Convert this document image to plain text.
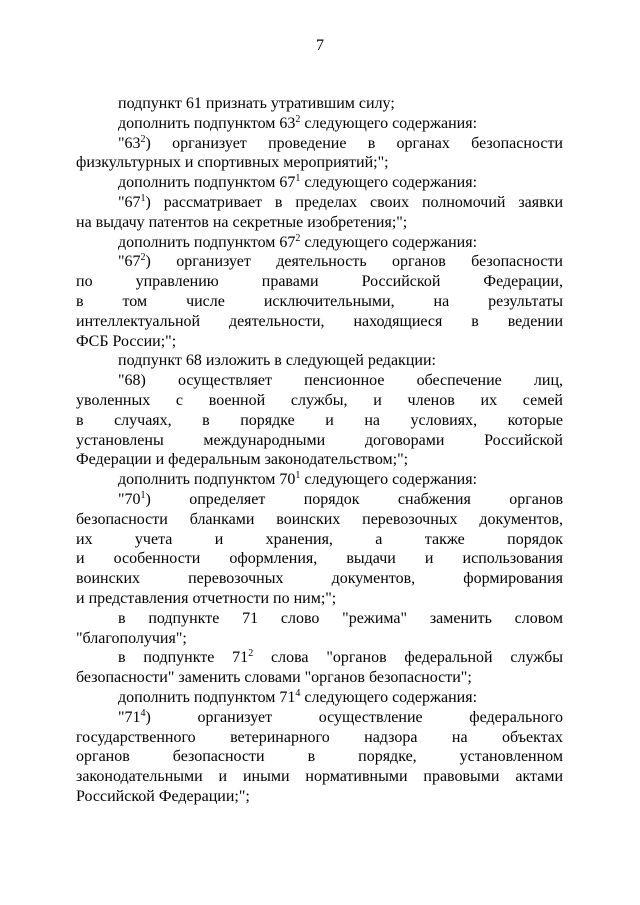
7
подпункт 61 признать утратившим силу;
дополнить подпунктом $63^2$ следующего содержания:
"$63^2$) организует проведение в органах безопасности
физкультурных и спортивных мероприятий;";
дополнить подпунктом $67^1$ следующего содержания:
"$67^1$) рассматривает в пределах своих полномочий заявки
на выдачу патентов на секретные изобретения;";
дополнить подпунктом $67^2$ следующего содержания:
"$67^2$) организует деятельность органов безопасности
по управлению правами Российской Федерации,
в том числе исключительными, на результаты
интеллектуальной деятельности, находящиеся в ведении
ФСБ России;";
подпункт 68 изложить в следующей редакции:
"68) осуществляет пенсионное обеспечение лиц,
уволенных с военной службы, и членов их семей
в случаях, в порядке и на условиях, которые
установлены международными договорами Российской
Федерации и федеральным законодательством;";
дополнить подпунктом $70^1$ следующего содержания:
"$70^1$) определяет порядок снабжения органов
безопасности бланками воинских перевозочных документов,
их учета и хранения, а также порядок
и особенности оформления, выдачи и использования
воинских перевозочных документов, формирования
и представления отчетности по ним;";
в подпункте 71 слово "режима" заменить словом
"благополучия";
в подпункте $71^2$ слова "органов федеральной службы
безопасности" заменить словами "органов безопасности";
дополнить подпунктом $71^4$ следующего содержания:
"$71^4$) организует осуществление федерального
государственного ветеринарного надзора на объектах
органов безопасности в порядке, установленном
законодательными и иными нормативными правовыми актами
Российской Федерации;";
